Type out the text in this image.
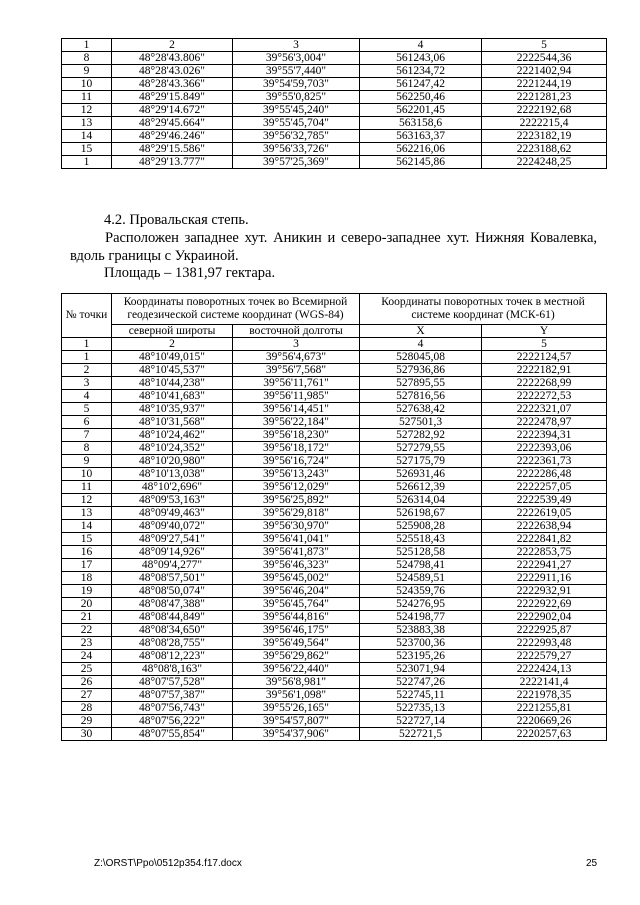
1	2	3	4	5
8	48°28'43.806"	39°56'3,004"	561243,06	2222544,36
9	48°28'43.026"	39°55'7,440"	561234,72	2221402,94
10	48°28'43.366"	39°54'59,703"	561247,42	2221244,19
11	48°29'15.849"	39°55'0,825"	562250,46	2221281,23
12	48°29'14.672"	39°55'45,240"	562201,45	2222192,68
13	48°29'45.664"	39°55'45,704"	563158,6	2222215,4
14	48°29'46.246"	39°56'32,785"	563163,37	2223182,19
15	48°29'15.586"	39°56'33,726"	562216,06	2223188,62
1	48°29'13.777"	39°57'25,369"	562145,86	2224248,25
4.2. Провальская степь.
Расположен западнее хут. Аникин и северо-западнее хут. Нижняя Ковалевка, вдоль границы с Украиной.
Площадь – 1381,97 гектара.
№ точки	Координаты поворотных точек во Всемирной геодезической системе координат (WGS-84)		Координаты поворотных точек в местной системе координат (МСК-61)	
	северной широты	восточной долготы	X	Y
1	2	3	4	5
1	48°10'49,015"	39°56'4,673"	528045,08	2222124,57
2	48°10'45,537"	39°56'7,568"	527936,86	2222182,91
3	48°10'44,238"	39°56'11,761"	527895,55	2222268,99
4	48°10'41,683"	39°56'11,985"	527816,56	2222272,53
5	48°10'35,937"	39°56'14,451"	527638,42	2222321,07
6	48°10'31,568"	39°56'22,184"	527501,3	2222478,97
7	48°10'24,462"	39°56'18,230"	527282,92	2222394,31
8	48°10'24,352"	39°56'18,172"	527279,55	2222393,06
9	48°10'20,980"	39°56'16,724"	527175,79	2222361,73
10	48°10'13,038"	39°56'13,243"	526931,46	2222286,48
11	48°10'2,696"	39°56'12,029"	526612,39	2222257,05
12	48°09'53,163"	39°56'25,892"	526314,04	2222539,49
13	48°09'49,463"	39°56'29,818"	526198,67	2222619,05
14	48°09'40,072"	39°56'30,970"	525908,28	2222638,94
15	48°09'27,541"	39°56'41,041"	525518,43	2222841,82
16	48°09'14,926"	39°56'41,873"	525128,58	2222853,75
17	48°09'4,277"	39°56'46,323"	524798,41	2222941,27
18	48°08'57,501"	39°56'45,002"	524589,51	2222911,16
19	48°08'50,074"	39°56'46,204"	524359,76	2222932,91
20	48°08'47,388"	39°56'45,764"	524276,95	2222922,69
21	48°08'44,849"	39°56'44,816"	524198,77	2222902,04
22	48°08'34,650"	39°56'46,175"	523883,38	2222925,87
23	48°08'28,755"	39°56'49,564"	523700,36	2222993,48
24	48°08'12,223"	39°56'29,862"	523195,26	2222579,27
25	48°08'8,163"	39°56'22,440"	523071,94	2222424,13
26	48°07'57,528"	39°56'8,981"	522747,26	2222141,4
27	48°07'57,387"	39°56'1,098"	522745,11	2221978,35
28	48°07'56,743"	39°55'26,165"	522735,13	2221255,81
29	48°07'56,222"	39°54'57,807"	522727,14	2220669,26
30	48°07'55,854"	39°54'37,906"	522721,5	2220257,63
Z:\ORST\Ppo\0512p354.f17.docx	25
